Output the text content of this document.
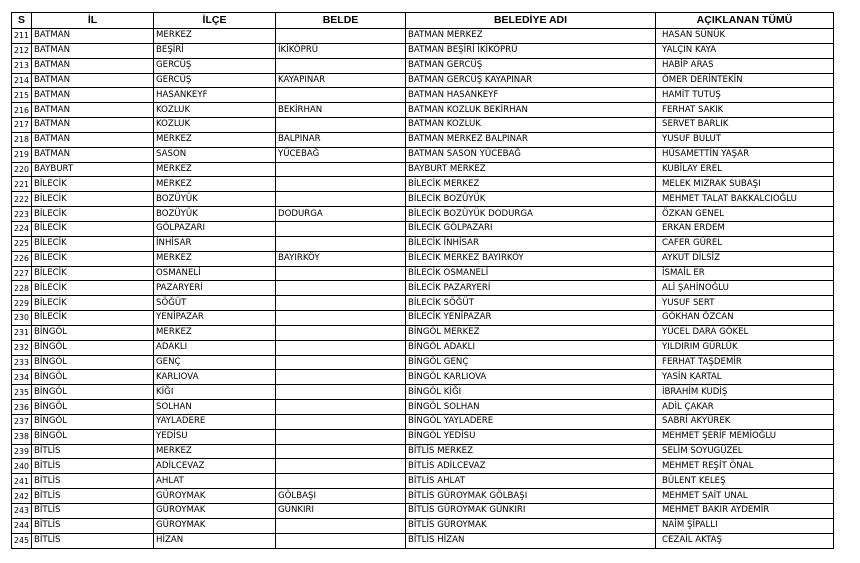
S	İL	İLÇE	BELDE	BELEDİYE ADI	AÇIKLANAN TÜMÜ
211	BATMAN	MERKEZ		BATMAN MERKEZ	HASAN SÜNÜK
212	BATMAN	BEŞİRİ	İKİKÖPRÜ	BATMAN BEŞİRİ İKİKÖPRÜ	YALÇIN KAYA
213	BATMAN	GERCÜŞ		BATMAN GERCÜŞ	HABİP ARAS
214	BATMAN	GERCÜŞ	KAYAPINAR	BATMAN GERCÜŞ KAYAPINAR	ÖMER DERİNTEKİN
215	BATMAN	HASANKEYF		BATMAN HASANKEYF	HAMİT TUTUŞ
216	BATMAN	KOZLUK	BEKİRHAN	BATMAN KOZLUK BEKİRHAN	FERHAT SAKIK
217	BATMAN	KOZLUK		BATMAN KOZLUK	SERVET BARLIK
218	BATMAN	MERKEZ	BALPINAR	BATMAN MERKEZ BALPINAR	YUSUF BULUT
219	BATMAN	SASON	YÜCEBAĞ	BATMAN SASON YÜCEBAĞ	HÜSAMETTİN YAŞAR
220	BAYBURT	MERKEZ		BAYBURT MERKEZ	KUBİLAY EREL
221	BİLECİK	MERKEZ		BİLECİK MERKEZ	MELEK MIZRAK SUBAŞI
222	BİLECİK	BOZÜYÜK		BİLECİK BOZÜYÜK	MEHMET TALAT BAKKALCIOĞLU
223	BİLECİK	BOZÜYÜK	DODURGA	BİLECİK BOZÜYÜK DODURGA	ÖZKAN GENEL
224	BİLECİK	GÖLPAZARI		BİLECİK GÖLPAZARI	ERKAN ERDEM
225	BİLECİK	İNHİSAR		BİLECİK İNHİSAR	CAFER GÜREL
226	BİLECİK	MERKEZ	BAYIRKÖY	BİLECİK MERKEZ BAYIRKÖY	AYKUT DİLSİZ
227	BİLECİK	OSMANELİ		BİLECİK OSMANELİ	İSMAİL ER
228	BİLECİK	PAZARYERİ		BİLECİK PAZARYERİ	ALİ ŞAHİNOĞLU
229	BİLECİK	SÖĞÜT		BİLECİK SÖĞÜT	YUSUF SERT
230	BİLECİK	YENİPAZAR		BİLECİK YENİPAZAR	GÖKHAN ÖZCAN
231	BİNGÖL	MERKEZ		BİNGÖL MERKEZ	YÜCEL DARA GÖKEL
232	BİNGÖL	ADAKLI		BİNGÖL ADAKLI	YILDIRIM GÜRLÜK
233	BİNGÖL	GENÇ		BİNGÖL GENÇ	FERHAT TAŞDEMİR
234	BİNGÖL	KARLIOVA		BİNGÖL KARLIOVA	YASİN KARTAL
235	BİNGÖL	KİĞI		BİNGÖL KİĞI	İBRAHİM KUDİŞ
236	BİNGÖL	SOLHAN		BİNGÖL SOLHAN	ADİL ÇAKAR
237	BİNGÖL	YAYLADERE		BİNGÖL YAYLADERE	SABRİ AKYÜREK
238	BİNGÖL	YEDİSU		BİNGÖL YEDİSU	MEHMET ŞERİF MEMİOĞLU
239	BİTLİS	MERKEZ		BİTLİS MERKEZ	SELİM SOYUGÜZEL
240	BİTLİS	ADİLCEVAZ		BİTLİS ADİLCEVAZ	MEHMET REŞİT ÖNAL
241	BİTLİS	AHLAT		BİTLİS AHLAT	BÜLENT KELEŞ
242	BİTLİS	GÜROYMAK	GÖLBAŞI	BİTLİS GÜROYMAK GÖLBAŞI	MEHMET SAİT UNAL
243	BİTLİS	GÜROYMAK	GÜNKIRI	BİTLİS GÜROYMAK GÜNKIRI	MEHMET BAKIR AYDEMİR
244	BİTLİS	GÜROYMAK		BİTLİS GÜROYMAK	NAİM ŞİPALLI
245	BİTLİS	HİZAN		BİTLİS HİZAN	CEZAİL AKTAŞ
